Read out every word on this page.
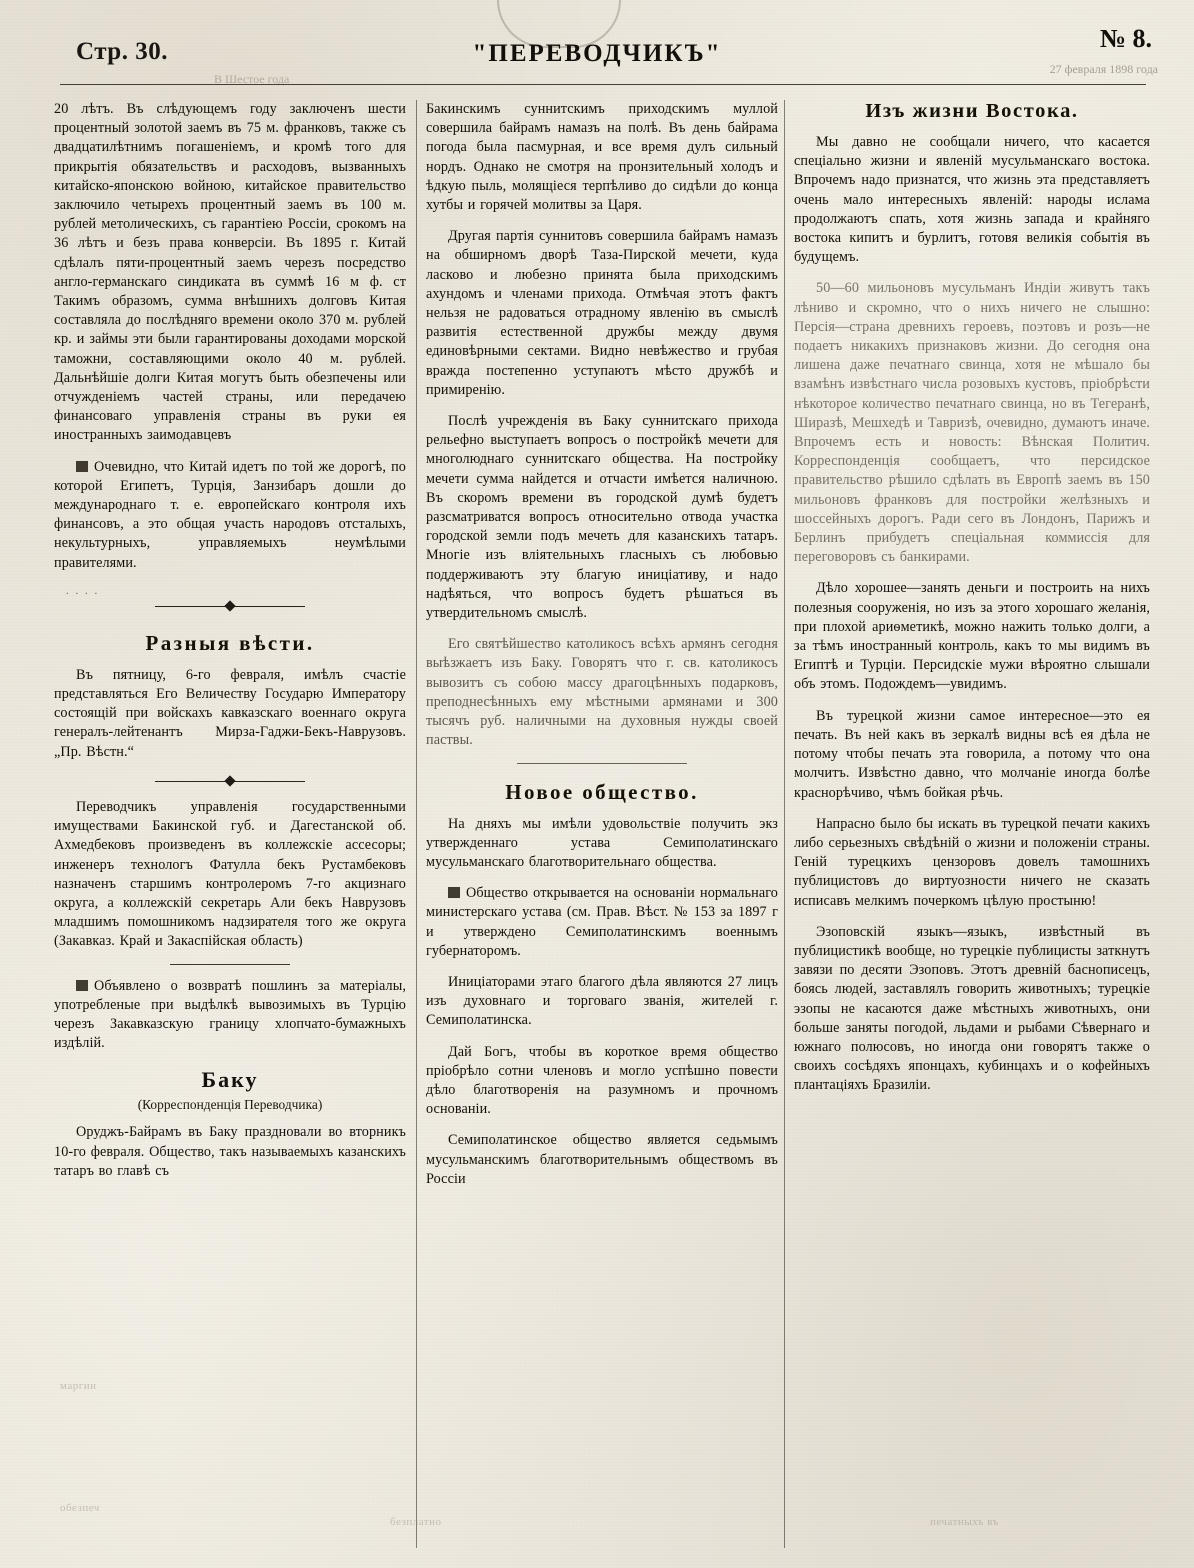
Стр. 30.	"ПЕРЕВОДЧИКЪ"
№ 8.
27 февраля 1898 года
В Шестое года

20 лѣтъ. Въ слѣдующемъ году заключенъ шести процентный золотой заемъ въ 75 м. франковъ, также съ двадцатилѣтнимъ погашеніемъ, и кромѣ того для прикрытія обязательствъ и расходовъ, вызванныхъ китайско-японскою войною, китайское правительство заключило четырехъ процентный заемъ въ 100 м. рублей метолическихъ, съ гарантіею Россіи, срокомъ на 36 лѣтъ и безъ права конверсіи. Въ 1895 г. Китай сдѣлалъ пяти-процентный заемъ черезъ посредство англо-германскаго синдиката въ суммѣ 16 м ф. ст Такимъ образомъ, сумма внѣшнихъ долговъ Китая составляла до послѣдняго времени около 370 м. рублей кр. и займы эти были гарантированы доходами морской таможни, составляющими около 40 м. рублей. Дальнѣйшіе долги Китая могутъ быть обезпечены или отчужденіемъ частей страны, или передачею финансоваго управленія страны въ руки ея иностранныхъ заимодавцевъ

Очевидно, что Китай идетъ по той же дорогѣ, по которой Египетъ, Турція, Занзибаръ дошли до международнаго т. е. европейскаго контроля ихъ финансовъ, а это общая участь народовъ отсталыхъ, некультурныхъ, управляемыхъ неумѣлыми правителями.

. . . .
Разныя вѣсти.

Въ пятницу, 6-го февраля, имѣлъ счастіе представляться Его Величеству Государю Императору состоящій при войскахъ кавказскаго военнаго округа генералъ-лейтенантъ Мирза-Гаджи-Бекъ-Наврузовъ. „Пр. Вѣстн.“

Переводчикъ управленія государственными имуществами Бакинской губ. и Дагестанской об. Ахмедбековъ произведенъ въ коллежскіе ассесоры; инженеръ технологъ Фатулла бекъ Рустамбековъ назначенъ старшимъ контролеромъ 7-го акцизнаго округа, а коллежскій секретарь Али бекъ Наврузовъ младшимъ помошникомъ надзирателя того же округа (Закавказ. Край и Закаспійская область)

Объявлено о возвратѣ пошлинъ за матеріалы, употребленые при выдѣлкѣ вывозимыхъ въ Турцію черезъ Закавказскую границу хлопчато-бумажныхъ издѣлій.

Баку
(Корреспонденція Переводчика)

Оруджъ-Байрамъ въ Баку праздновали во вторникъ 10-го февраля. Общество, такъ называемыхъ казанскихъ татаръ во главѣ съ

Бакинскимъ суннитскимъ приходскимъ муллой совершила байрамъ намазъ на полѣ. Въ день байрама погода была пасмурная, и все время дулъ сильный нордъ. Однако не смотря на пронзительный холодъ и ѣдкую пыль, молящіеся терпѣливо до сидѣли до конца хутбы и горячей молитвы за Царя.

Другая партія суннитовъ совершила байрамъ намазъ на обширномъ дворѣ Таза-Пирской мечети, куда ласково и любезно принята была приходскимъ ахундомъ и членами прихода. Отмѣчая этотъ фактъ нельзя не радоваться отрадному явленію въ смыслѣ развитія естественной дружбы между двумя единовѣрными сектами. Видно невѣжество и грубая вражда постепенно уступаютъ мѣсто дружбѣ и примиренію.

Послѣ учрежденія въ Баку суннитскаго прихода рельефно выступаетъ вопросъ о постройкѣ мечети для многолюднаго суннитскаго общества. На постройку мечети сумма найдется и отчасти имѣется наличною. Въ скоромъ времени въ городской думѣ будетъ разсматриватся вопросъ относительно отвода участка городской земли подъ мечеть для казанскихъ татаръ. Многіе изъ вліятельныхъ гласныхъ съ любовью поддерживаютъ эту благую иниціативу, и надо надѣяться, что вопросъ будетъ рѣшаться въ утвердительномъ смыслѣ.

Его святѣйшество католикосъ всѣхъ армянъ сегодня выѣзжаетъ изъ Баку. Говорятъ что г. св. католикосъ вывозитъ съ собою массу драгоцѣнныхъ подарковъ, преподнесѣнныхъ ему мѣстными армянами и 300 тысячъ руб. наличными на духовныя нужды своей паствы.

Новое общество.

На дняхъ мы имѣли удовольствіе получить экз утвержденнаго устава Семиполатинскаго мусульманскаго благотворительнаго общества.

Общество открывается на основаніи нормальнаго министерскаго устава (см. Прав. Вѣст. № 153 за 1897 г и утверждено Семиполатинскимъ военнымъ губернаторомъ.

Иниціаторами этаго благого дѣла являются 27 лицъ изъ духовнаго и торговаго званія, жителей г. Семиполатинска.

Дай Богъ, чтобы въ короткое время общество пріобрѣло сотни членовъ и могло успѣшно повести дѣло благотворенія на разумномъ и прочномъ основаніи.

Семиполатинское общество является седьмымъ мусульманскимъ благотворительнымъ обществомъ въ Россіи

Изъ жизни Востока.

Мы давно не сообщали ничего, что касается спеціально жизни и явленій мусульманскаго востока. Впрочемъ надо признатся, что жизнь эта представляетъ очень мало интересныхъ явленій: народы ислама продолжаютъ спать, хотя жизнь запада и крайняго востока кипитъ и бурлитъ, готовя великія событія въ будущемъ.

50—60 мильоновъ мусульманъ Индіи живутъ такъ лѣниво и скромно, что о нихъ ничего не слышно: Персія—страна древнихъ героевъ, поэтовъ и розъ—не подаетъ никакихъ признаковъ жизни. До сегодня она лишена даже печатнаго свинца, хотя не мѣшало бы взамѣнъ извѣстнаго числа розовыхъ кустовъ, пріобрѣсти нѣкоторое количество печатнаго свинца, но въ Тегеранѣ, Ширазѣ, Мешхедѣ и Тавризѣ, очевидно, думаютъ иначе. Впрочемъ есть и новость: Вѣнская Политич. Корреспонденція сообщаетъ, что персидское правительство рѣшило сдѣлать въ Европѣ заемъ въ 150 мильоновъ франковъ для постройки желѣзныхъ и шоссейныхъ дорогъ. Ради сего въ Лондонъ, Парижъ и Берлинъ прибудетъ спеціальная коммиссія для переговоровъ съ банкирами.

Дѣло хорошее—занять деньги и построить на нихъ полезныя сооруженія, но изъ за этого хорошаго желанія, при плохой ариѳметикѣ, можно нажить только долги, а за тѣмъ иностранный контроль, какъ то мы видимъ въ Египтѣ и Турціи. Персидскіе мужи вѣроятно слышали объ этомъ. Подождемъ—увидимъ.

Въ турецкой жизни самое интересное—это ея печать. Въ ней какъ въ зеркалѣ видны всѣ ея дѣла не потому чтобы печать эта говорила, а потому что она молчитъ. Извѣстно давно, что молчаніе иногда болѣе краснорѣчиво, чѣмъ бойкая рѣчь.

Напрасно было бы искать въ турецкой печати какихъ либо серьезныхъ свѣдѣній о жизни и положеніи страны. Геній турецкихъ цензоровъ довелъ тамошнихъ публицистовъ до виртуозности ничего не сказать исписавъ мелкимъ почеркомъ цѣлую простыню!

Эзоповскій языкъ—языкъ, извѣстный въ публицистикѣ вообще, но турецкіе публицисты заткнутъ завязи по десяти Эзоповъ. Этотъ древній баснописецъ, боясь людей, заставлялъ говорить животныхъ; турецкіе эзопы не касаются даже мѣстныхъ животныхъ, они больше заняты погодой, льдами и рыбами Сѣвернаго и южнаго полюсовъ, но иногда они говорятъ также о своихъ сосѣдяхъ японцахъ, кубинцахъ и о кофейныхъ плантаціяхъ Бразиліи.

маргин
обезпеч
печатныхъ въ
безплатно
